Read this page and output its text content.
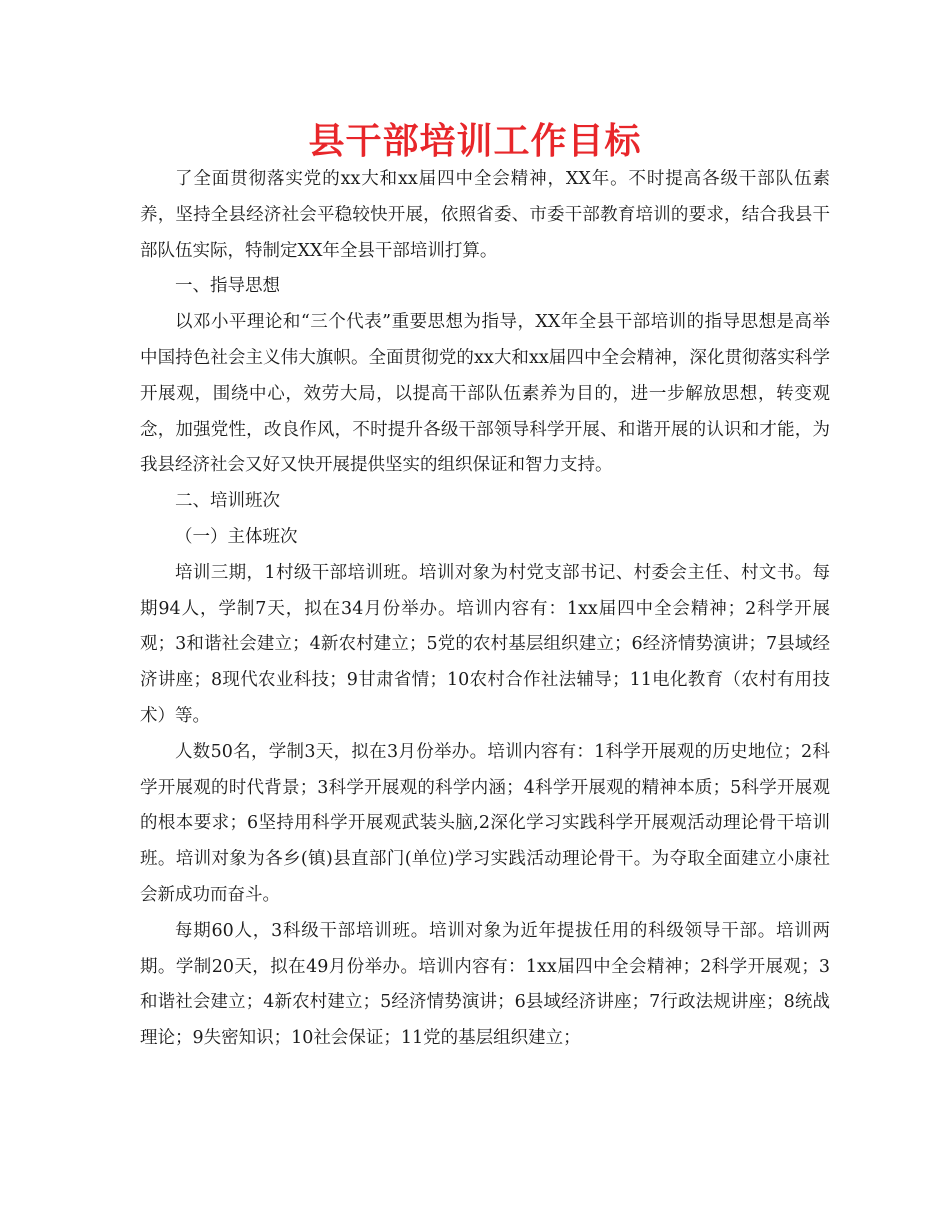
县干部培训工作目标

了全面贯彻落实党的xx大和xx届四中全会精神，XX年。不时提高各级干部队伍素养，坚持全县经济社会平稳较快开展，依照省委、市委干部教育培训的要求，结合我县干部队伍实际，特制定XX年全县干部培训打算。

一、指导思想

以邓小平理论和“三个代表”重要思想为指导，XX年全县干部培训的指导思想是高举中国持色社会主义伟大旗帜。全面贯彻党的xx大和xx届四中全会精神，深化贯彻落实科学开展观，围绕中心，效劳大局，以提高干部队伍素养为目的，进一步解放思想，转变观念，加强党性，改良作风，不时提升各级干部领导科学开展、和谐开展的认识和才能，为我县经济社会又好又快开展提供坚实的组织保证和智力支持。

二、培训班次

（一）主体班次

培训三期，1村级干部培训班。培训对象为村党支部书记、村委会主任、村文书。每期94人，学制7天，拟在34月份举办。培训内容有：1xx届四中全会精神；2科学开展观；3和谐社会建立；4新农村建立；5党的农村基层组织建立；6经济情势演讲；7县域经济讲座；8现代农业科技；9甘肃省情；10农村合作社法辅导；11电化教育（农村有用技术）等。

人数50名，学制3天，拟在3月份举办。培训内容有：1科学开展观的历史地位；2科学开展观的时代背景；3科学开展观的科学内涵；4科学开展观的精神本质；5科学开展观的根本要求；6坚持用科学开展观武装头脑,2深化学习实践科学开展观活动理论骨干培训班。培训对象为各乡(镇)县直部门(单位)学习实践活动理论骨干。为夺取全面建立小康社会新成功而奋斗。

每期60人，3科级干部培训班。培训对象为近年提拔任用的科级领导干部。培训两期。学制20天，拟在49月份举办。培训内容有：1xx届四中全会精神；2科学开展观；3和谐社会建立；4新农村建立；5经济情势演讲；6县域经济讲座；7行政法规讲座；8统战理论；9失密知识；10社会保证；11党的基层组织建立；
